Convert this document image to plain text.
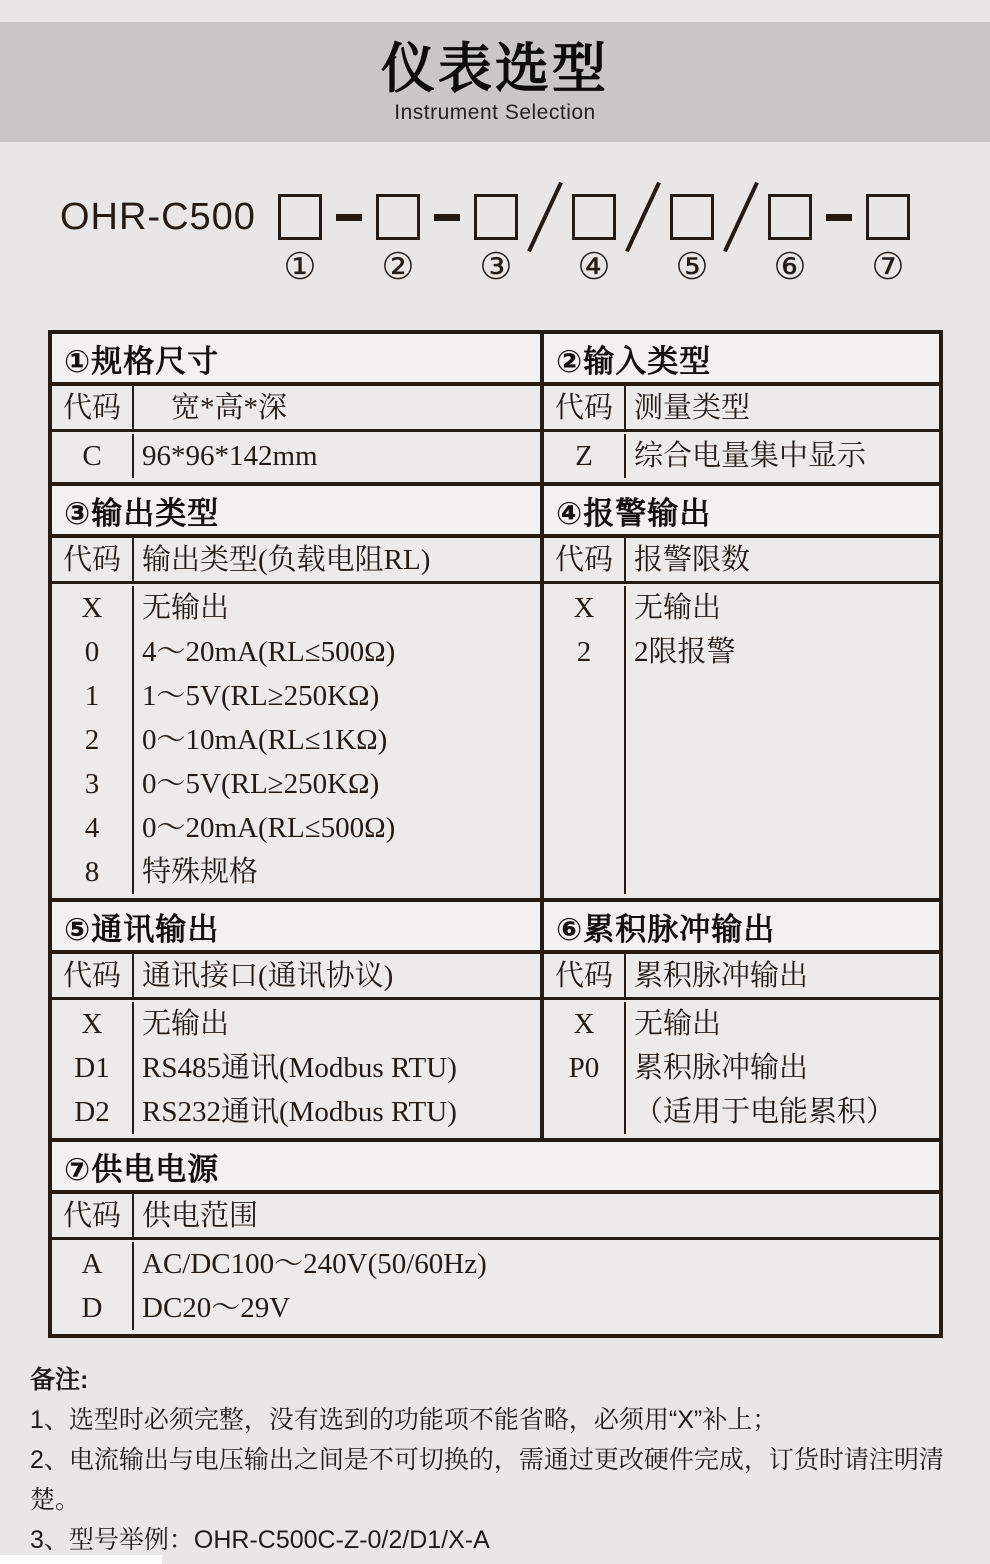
仪表选型
Instrument Selection
OHR-C500
① ② ③ ④ ⑤ ⑥ ⑦
①规格尺寸
代码 　宽*高*深
C	96*96*142mm
②输入类型
代码 测量类型
Z	综合电量集中显示
③输出类型
代码 输出类型(负载电阻RL)
X
0
1
2
3
4
8
无输出
4～20mA(RL≤500Ω)
1～5V(RL≥250KΩ)
0～10mA(RL≤1KΩ)
0～5V(RL≥250KΩ)
0～20mA(RL≤500Ω)
特殊规格
④报警输出
代码 报警限数
X
2
无输出
2限报警
⑤通讯输出
代码 通讯接口(通讯协议)
X
D1
D2
无输出
RS485通讯(Modbus RTU)
RS232通讯(Modbus RTU)
⑥累积脉冲输出
代码 累积脉冲输出
X
P0
无输出
累积脉冲输出
（适用于电能累积）
⑦供电电源
代码 供电范围
A
D
AC/DC100～240V(50/60Hz)
DC20～29V
备注:
1、选型时必须完整，没有选到的功能项不能省略，必须用“X”补上；
2、电流输出与电压输出之间是不可切换的，需通过更改硬件完成，订货时请注明清楚。
3、型号举例：OHR-C500C-Z-0/2/D1/X-A
